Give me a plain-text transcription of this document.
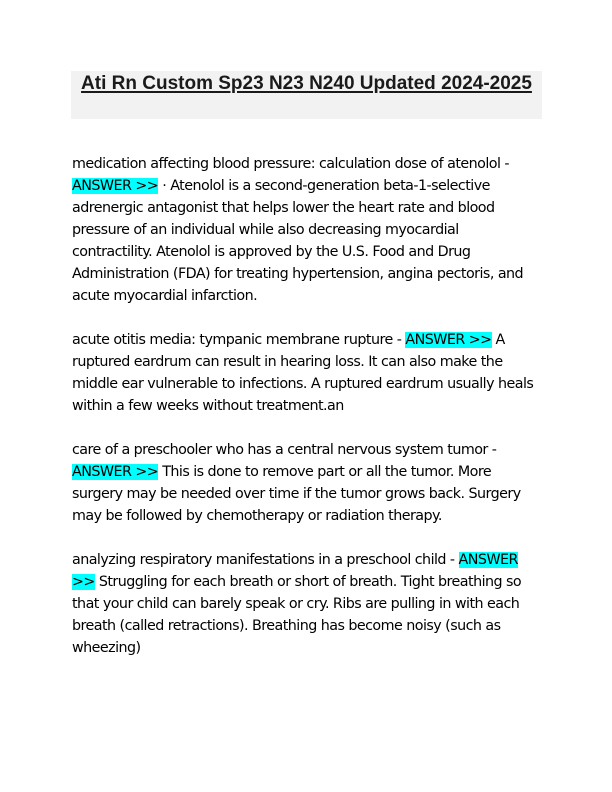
Ati Rn Custom Sp23 N23 N240 Updated 2024-2025

medication affecting blood pressure: calculation dose of atenolol - ANSWER >> · Atenolol is a second-generation beta-1-selective adrenergic antagonist that helps lower the heart rate and blood pressure of an individual while also decreasing myocardial contractility. Atenolol is approved by the U.S. Food and Drug Administration (FDA) for treating hypertension, angina pectoris, and acute myocardial infarction.

acute otitis media: tympanic membrane rupture - ANSWER >> A ruptured eardrum can result in hearing loss. It can also make the middle ear vulnerable to infections. A ruptured eardrum usually heals within a few weeks without treatment.an

care of a preschooler who has a central nervous system tumor - ANSWER >> This is done to remove part or all the tumor. More surgery may be needed over time if the tumor grows back. Surgery may be followed by chemotherapy or radiation therapy.

analyzing respiratory manifestations in a preschool child - ANSWER >> Struggling for each breath or short of breath. Tight breathing so that your child can barely speak or cry. Ribs are pulling in with each breath (called retractions). Breathing has become noisy (such as wheezing)
